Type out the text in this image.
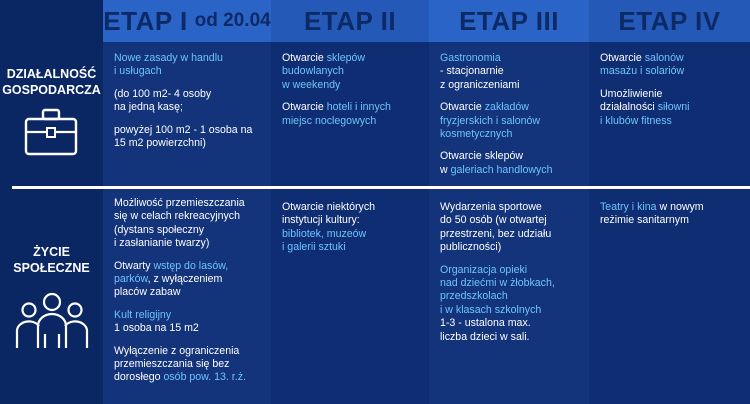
ETAP I od 20.04 ETAP II ETAP III ETAP IV
DZIAŁALNOŚĆ
GOSPODARCZA
ŻYCIE
SPOŁECZNE
Nowe zasady w handlu
i usługach
(do 100 m2- 4 osoby
na jedną kasę;
powyżej 100 m2 - 1 osoba na
15 m2 powierzchni)

Otwarcie sklepów
budowlanych
w weekendy

Otwarcie hoteli i innych
miejsc noclegowych

Gastronomia
- stacjonarnie
z ograniczeniami

Otwarcie zakładów
fryzjerskich i salonów
kosmetycznych

Otwarcie sklepów
w galeriach handlowych

Otwarcie salonów
masażu i solariów

Umożliwienie
działalności siłowni
i klubów fitness

Możliwość przemieszczania
się w celach rekreacyjnych
(dystans społeczny
i zasłanianie twarzy)

Otwarty wstęp do lasów,
parków, z wyłączeniem
placów zabaw

Kult religijny
1 osoba na 15 m2

Wyłączenie z ograniczenia
przemieszczania się bez
dorosłego osób pow. 13. r.ż.

Otwarcie niektórych
instytucji kultury:
bibliotek, muzeów
i galerii sztuki

Wydarzenia sportowe
do 50 osób (w otwartej
przestrzeni, bez udziału
publiczności)

Organizacja opieki
nad dziećmi w żłobkach,
przedszkolach
i w klasach szkolnych
1-3 - ustalona max.
liczba dzieci w sali.

Teatry i kina w nowym
reżimie sanitarnym
